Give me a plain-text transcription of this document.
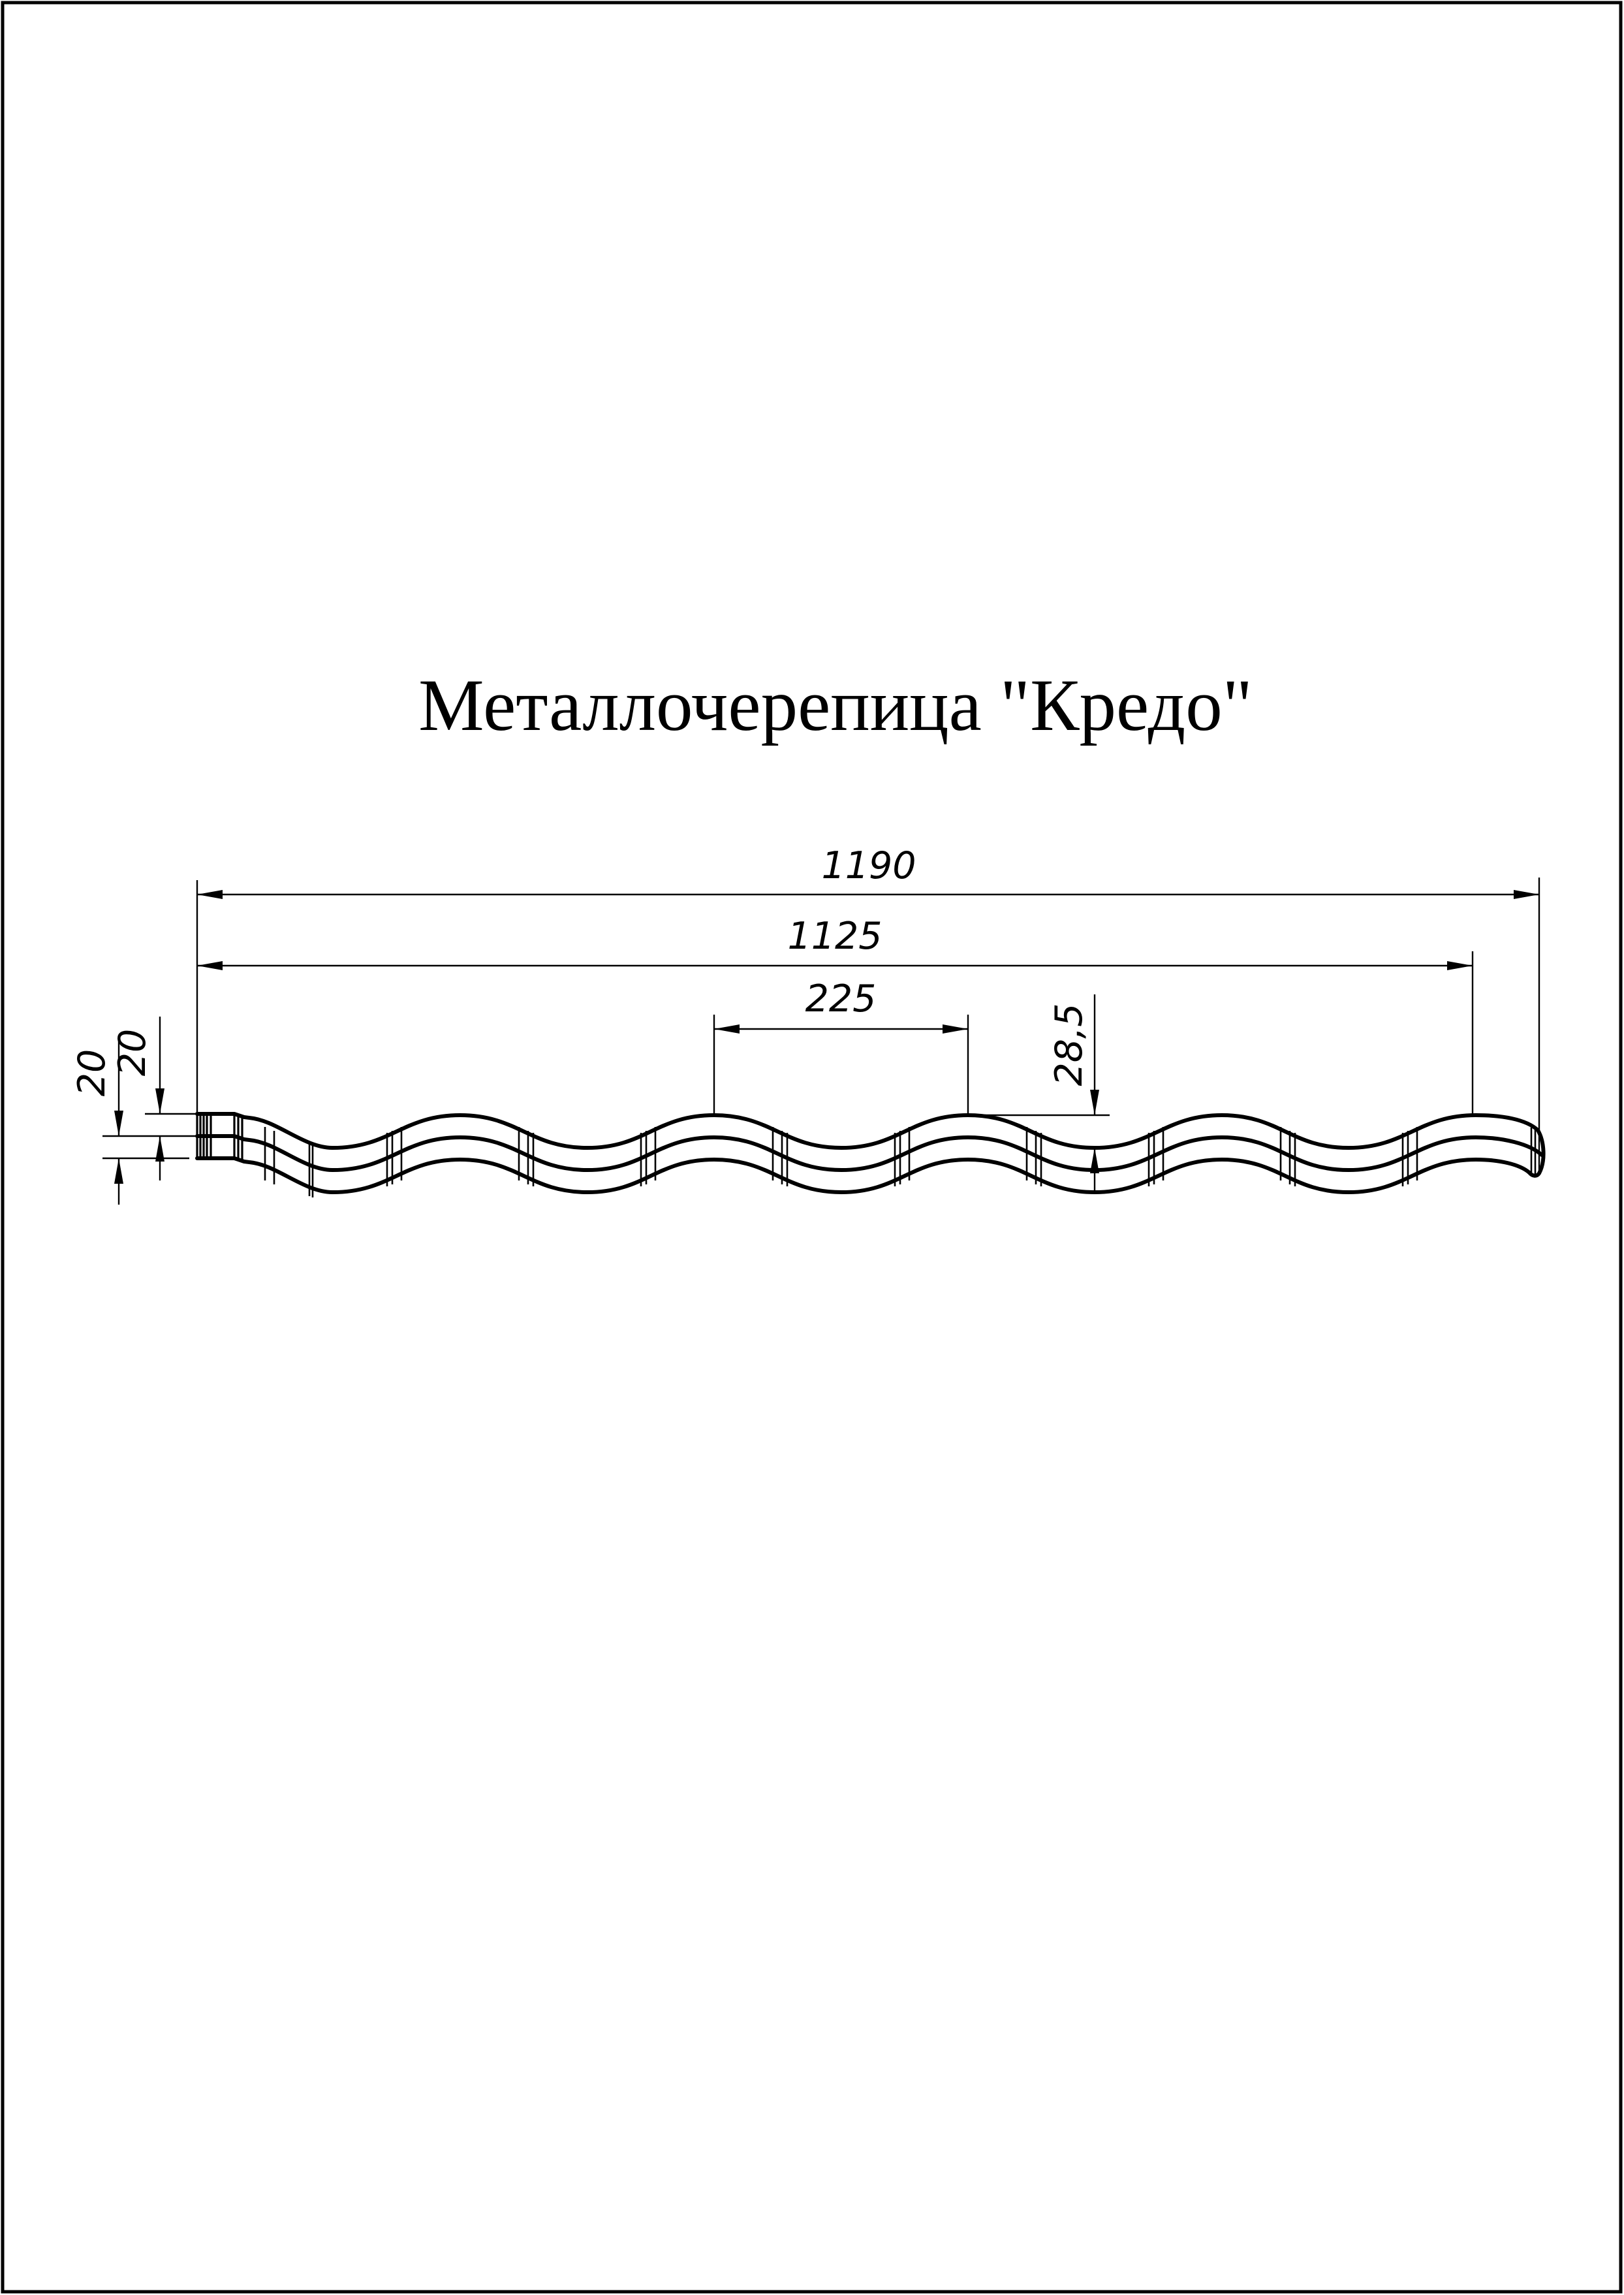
Металлочерепица "Кредо"
1190
1125
225
28,5
20
20
